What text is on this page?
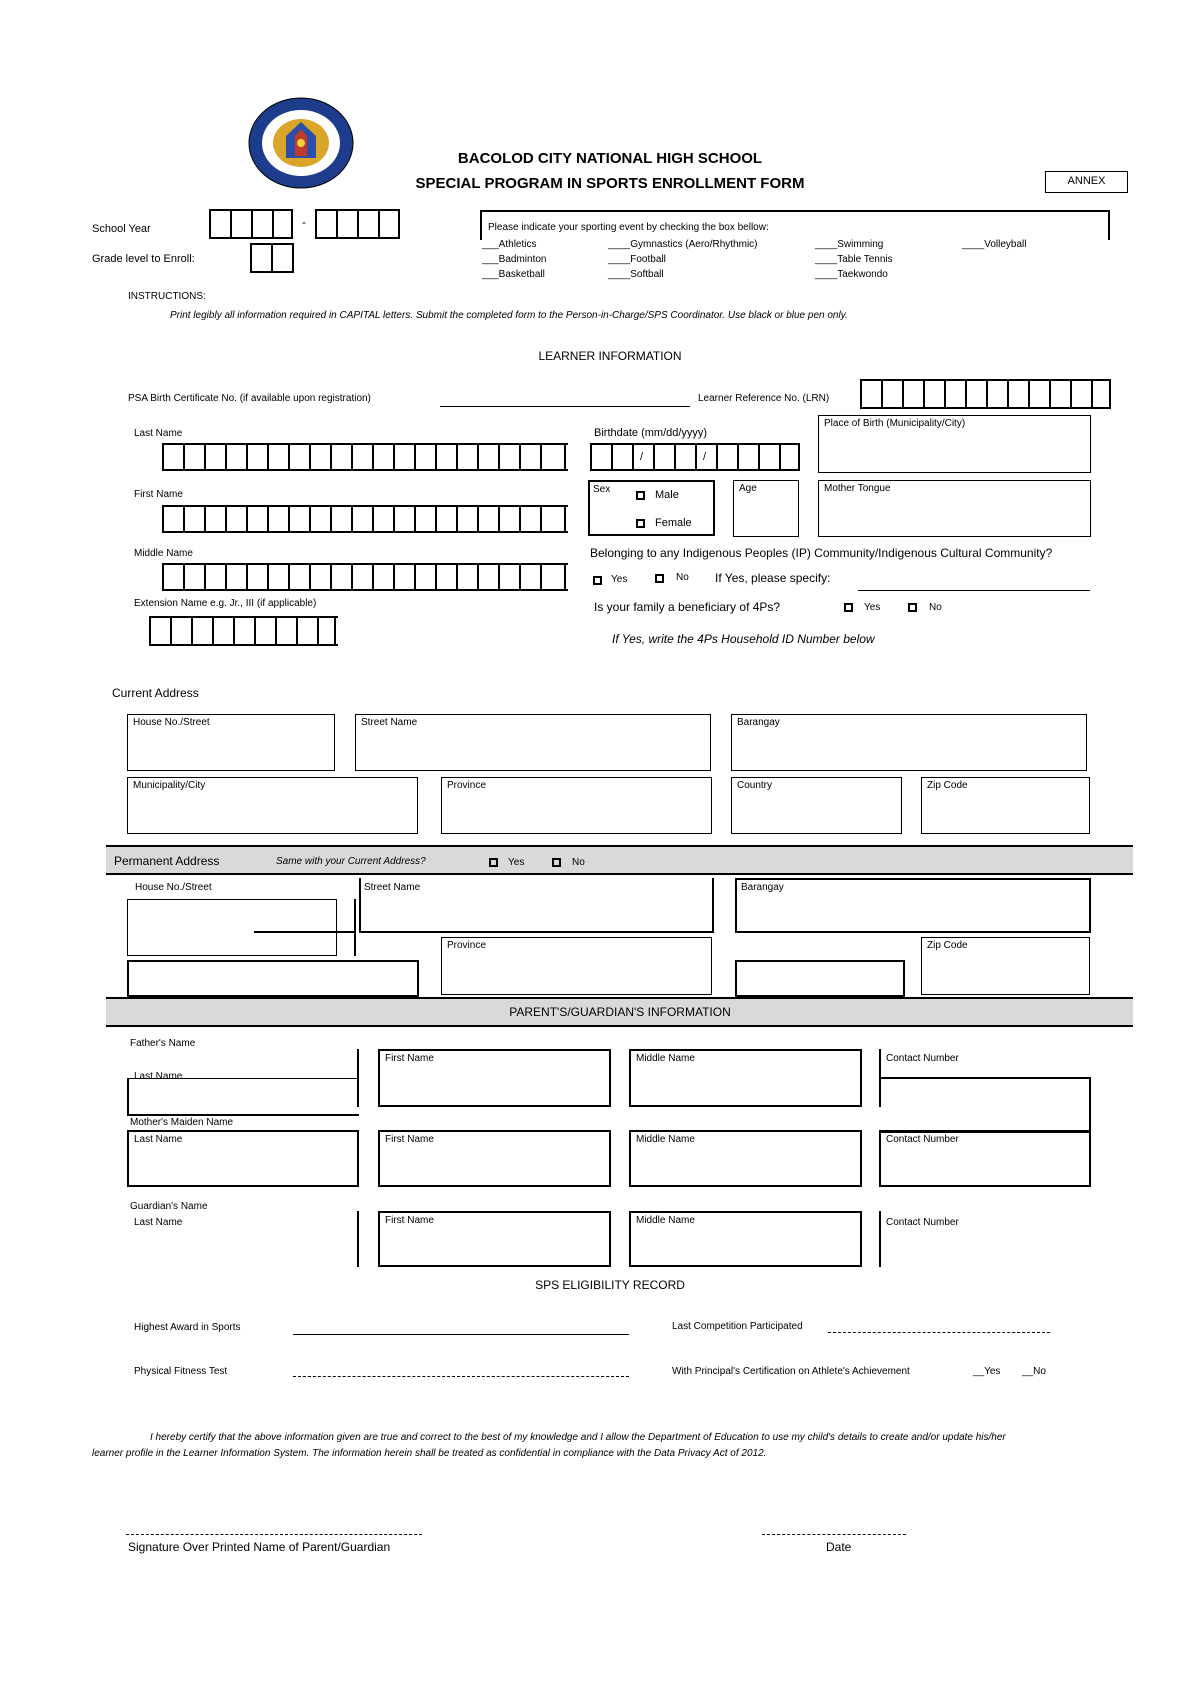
BACOLOD CITY NATIONAL HIGH SCHOOL
SPECIAL PROGRAM IN SPORTS ENROLLMENT FORM	ANNEX
School Year	-
Grade level to Enroll:
Please indicate your sporting event by checking the box bellow:
___Athletics	____Gymnastics (Aero/Rhythmic)	____Swimming	____Volleyball
___Badminton	____Football	____Table Tennis
___Basketball	____Softball	____Taekwondo
INSTRUCTIONS:
Print legibly all information required in CAPITAL letters. Submit the completed form to the Person-in-Charge/SPS Coordinator. Use black or blue pen only.
LEARNER INFORMATION
PSA Birth Certificate No. (if available upon registration)	Learner Reference No. (LRN)
Last Name
First Name
Middle Name
Extension Name e.g. Jr., III (if applicable)
Birthdate (mm/dd/yyyy)
/	/
Place of Birth (Municipality/City)
Sex	Male
Female
Age	Mother Tongue
Belonging to any Indigenous Peoples (IP) Community/Indigenous Cultural Community?
Yes	No If Yes, please specify:
Is your family a beneficiary of 4Ps?	Yes	No
If Yes, write the 4Ps Household ID Number below
Current Address
House No./Street	Street Name	Barangay
Municipality/City	Province	Country	Zip Code
Permanent Address	Same with your Current Address?	Yes	No
House No./Street	Street Name	Barangay
Province	Zip Code
PARENT'S/GUARDIAN'S INFORMATION
Father's Name
Last Name
First Name	Middle Name	Contact Number
Mother's Maiden Name
Last Name	First Name	Middle Name	Contact Number
Guardian's Name
Last Name	First Name	Middle Name	Contact Number
SPS ELIGIBILITY RECORD
Highest Award in Sports	Last Competition Participated
Physical Fitness Test	With Principal's Certification on Athlete's Achievement	__Yes __No
I hereby certify that the above information given are true and correct to the best of my knowledge and I allow the Department of Education to use my child's details to create and/or update his/her
learner profile in the Learner Information System. The information herein shall be treated as confidential in compliance with the Data Privacy Act of 2012.
Signature Over Printed Name of Parent/Guardian	Date
